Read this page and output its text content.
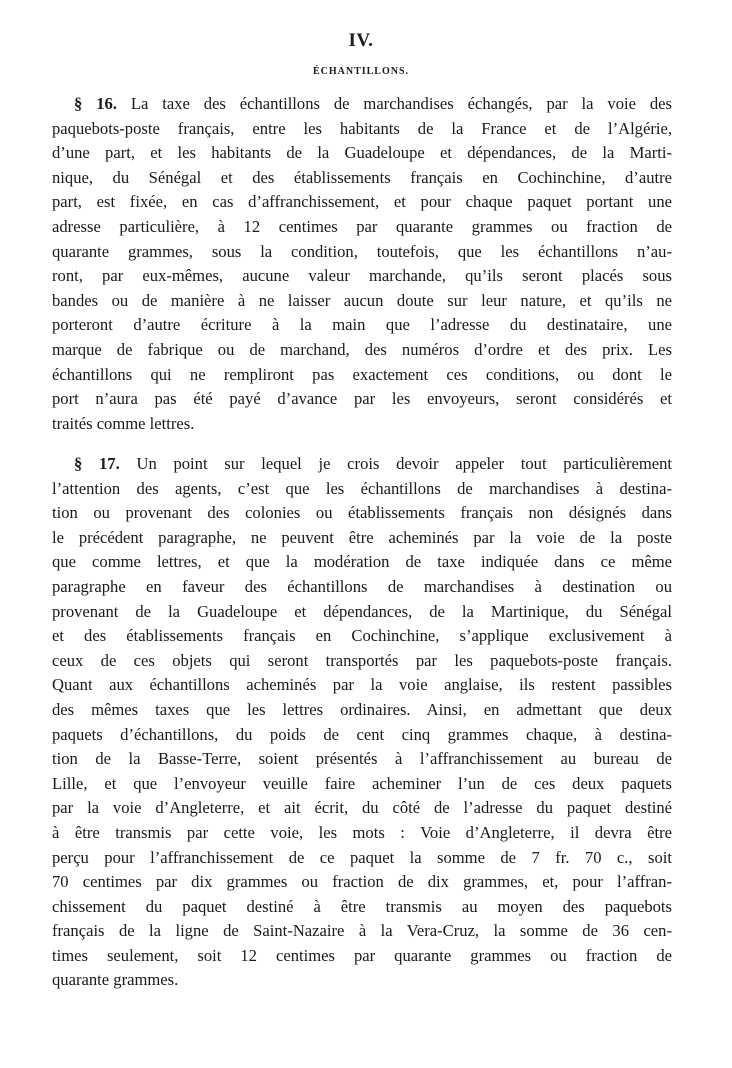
IV.
ÉCHANTILLONS.
§ 16. La taxe des échantillons de marchandises échangés, par la voie des
paquebots-poste français, entre les habitants de la France et de l’Algérie,
d’une part, et les habitants de la Guadeloupe et dépendances, de la Marti-
nique, du Sénégal et des établissements français en Cochinchine, d’autre
part, est fixée, en cas d’affranchissement, et pour chaque paquet portant une
adresse particulière, à 12 centimes par quarante grammes ou fraction de
quarante grammes, sous la condition, toutefois, que les échantillons n’au-
ront, par eux-mêmes, aucune valeur marchande, qu’ils seront placés sous
bandes ou de manière à ne laisser aucun doute sur leur nature, et qu’ils ne
porteront d’autre écriture à la main que l’adresse du destinataire, une
marque de fabrique ou de marchand, des numéros d’ordre et des prix. Les
échantillons qui ne rempliront pas exactement ces conditions, ou dont le
port n’aura pas été payé d’avance par les envoyeurs, seront considérés et
traités comme lettres.
§ 17. Un point sur lequel je crois devoir appeler tout particulièrement
l’attention des agents, c’est que les échantillons de marchandises à destina-
tion ou provenant des colonies ou établissements français non désignés dans
le précédent paragraphe, ne peuvent être acheminés par la voie de la poste
que comme lettres, et que la modération de taxe indiquée dans ce même
paragraphe en faveur des échantillons de marchandises à destination ou
provenant de la Guadeloupe et dépendances, de la Martinique, du Sénégal
et des établissements français en Cochinchine, s’applique exclusivement à
ceux de ces objets qui seront transportés par les paquebots-poste français.
Quant aux échantillons acheminés par la voie anglaise, ils restent passibles
des mêmes taxes que les lettres ordinaires. Ainsi, en admettant que deux
paquets d’échantillons, du poids de cent cinq grammes chaque, à destina-
tion de la Basse-Terre, soient présentés à l’affranchissement au bureau de
Lille, et que l’envoyeur veuille faire acheminer l’un de ces deux paquets
par la voie d’Angleterre, et ait écrit, du côté de l’adresse du paquet destiné
à être transmis par cette voie, les mots : Voie d’Angleterre, il devra être
perçu pour l’affranchissement de ce paquet la somme de 7 fr. 70 c., soit
70 centimes par dix grammes ou fraction de dix grammes, et, pour l’affran-
chissement du paquet destiné à être transmis au moyen des paquebots
français de la ligne de Saint-Nazaire à la Vera-Cruz, la somme de 36 cen-
times seulement, soit 12 centimes par quarante grammes ou fraction de
quarante grammes.
